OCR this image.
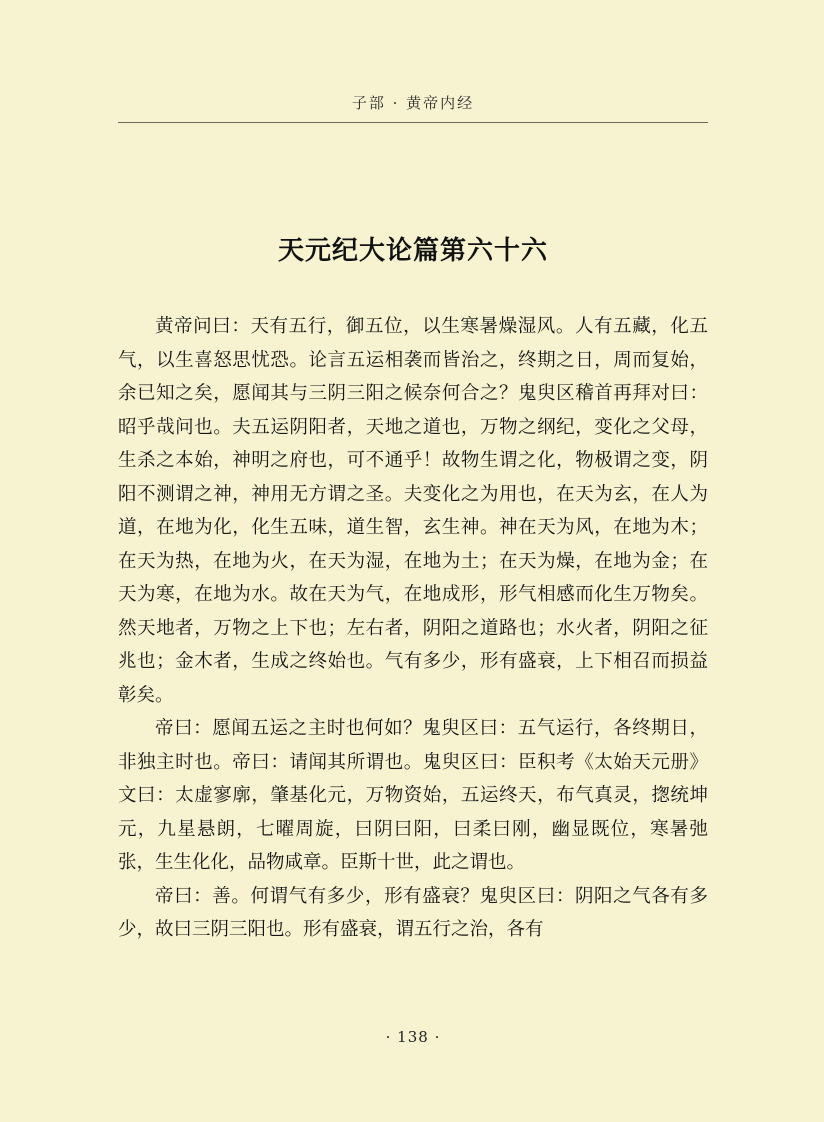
子部 · 黄帝内经
天元纪大论篇第六十六

黄帝问曰：天有五行，御五位，以生寒暑燥湿风。人有五藏，化五气，以生喜怒思忧恐。论言五运相袭而皆治之，终期之日，周而复始，余已知之矣，愿闻其与三阴三阳之候奈何合之？鬼臾区稽首再拜对曰：昭乎哉问也。夫五运阴阳者，天地之道也，万物之纲纪，变化之父母，生杀之本始，神明之府也，可不通乎！故物生谓之化，物极谓之变，阴阳不测谓之神，神用无方谓之圣。夫变化之为用也，在天为玄，在人为道，在地为化，化生五味，道生智，玄生神。神在天为风，在地为木；在天为热，在地为火，在天为湿，在地为土；在天为燥，在地为金；在天为寒，在地为水。故在天为气，在地成形，形气相感而化生万物矣。然天地者，万物之上下也；左右者，阴阳之道路也；水火者，阴阳之征兆也；金木者，生成之终始也。气有多少，形有盛衰，上下相召而损益彰矣。

帝曰：愿闻五运之主时也何如？鬼臾区曰：五气运行，各终期日，非独主时也。帝曰：请闻其所谓也。鬼臾区曰：臣积考《太始天元册》文曰：太虚寥廓，肇基化元，万物资始，五运终天，布气真灵，揔统坤元，九星悬朗，七曜周旋，曰阴曰阳，曰柔曰刚，幽显既位，寒暑弛张，生生化化，品物咸章。臣斯十世，此之谓也。

帝曰：善。何谓气有多少，形有盛衰？鬼臾区曰：阴阳之气各有多少，故曰三阴三阳也。形有盛衰，谓五行之治，各有

· 138 ·
